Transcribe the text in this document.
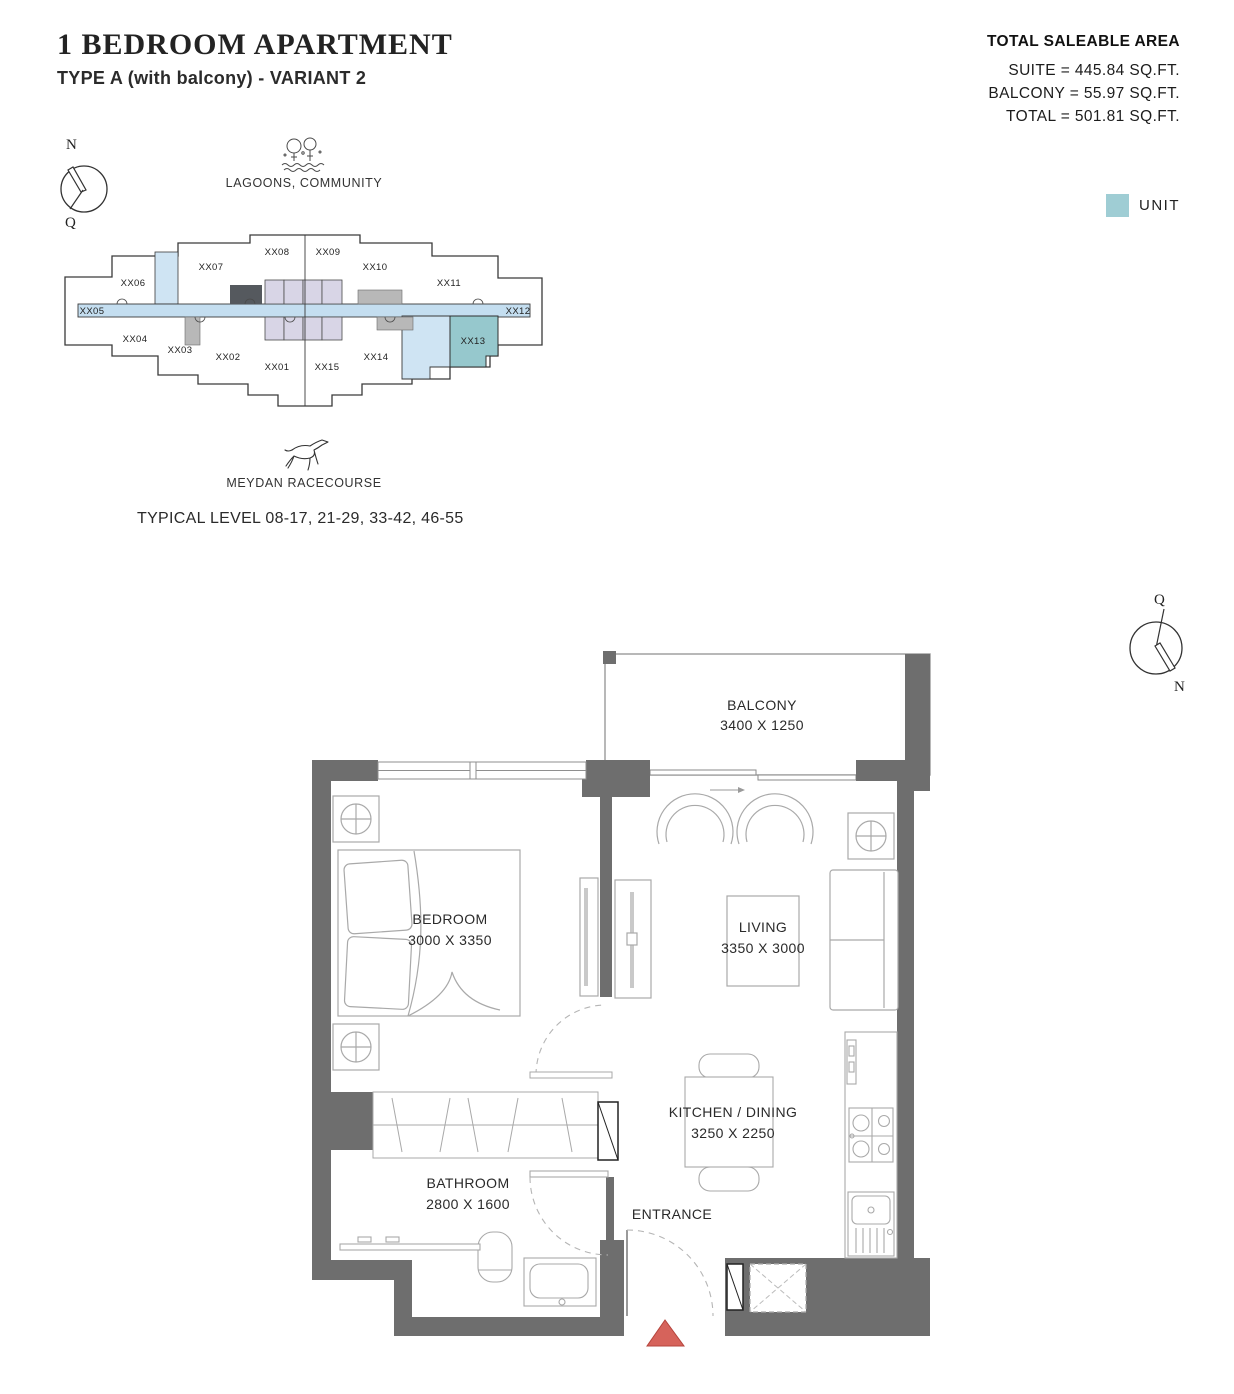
1 BEDROOM APARTMENT
TYPE A (with balcony) - VARIANT 2
TOTAL SALEABLE AREA
SUITE = 445.84 SQ.FT.
BALCONY = 55.97 SQ.FT.
TOTAL = 501.81 SQ.FT.
UNIT
N
Q
LAGOONS, COMMUNITY
XX05
XX06
XX07
XX08	XX09
XX10
XX11
XX12
XX04
XX03
XX02
XX01	XX15
XX14
XX13
MEYDAN RACECOURSE
TYPICAL LEVEL 08-17, 21-29, 33-42, 46-55
Q
N
BALCONY
3400 X 1250
BEDROOM
3000 X 3350
LIVING
3350 X 3000
KITCHEN / DINING
3250 X 2250
BATHROOM
2800 X 1600
ENTRANCE
